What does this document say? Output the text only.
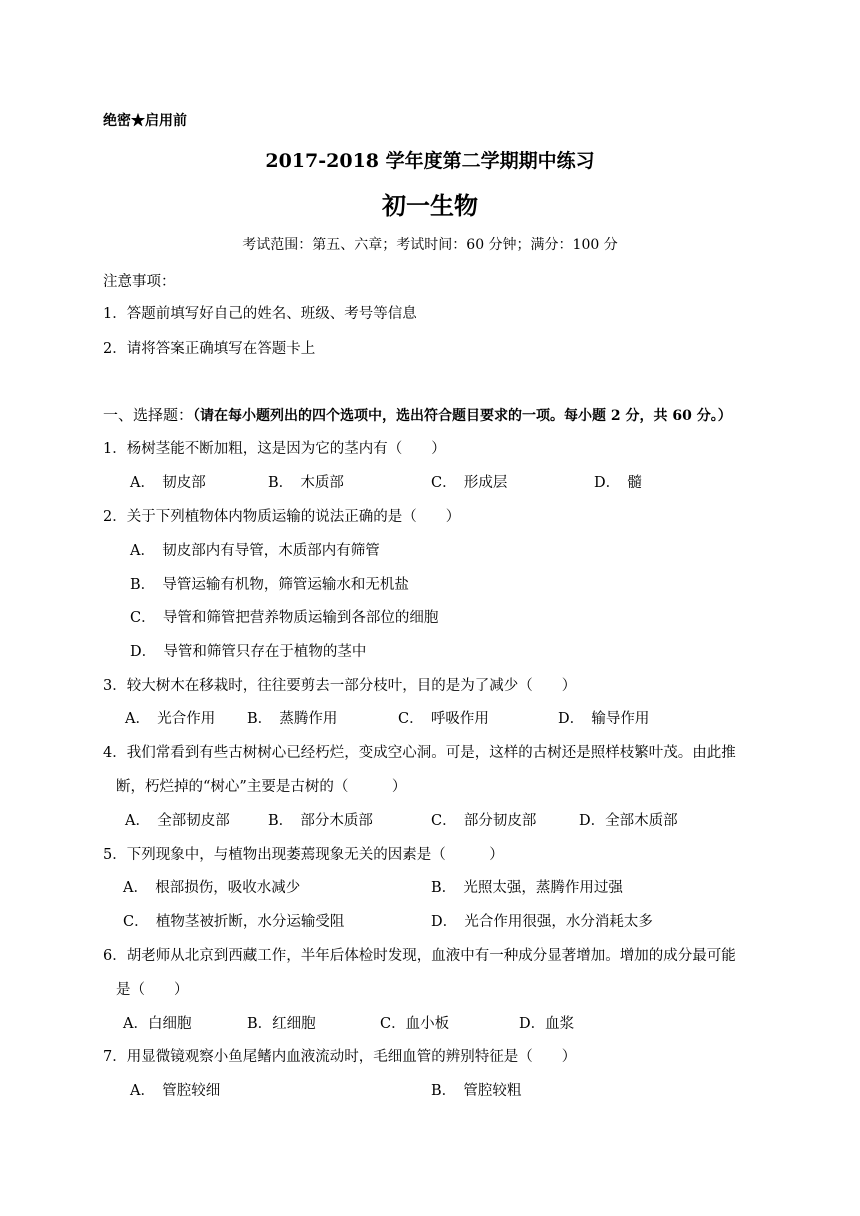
绝密★启用前
2017-2018 学年度第二学期期中练习
初一生物
考试范围：第五、六章；考试时间：60 分钟；满分：100 分
注意事项：
1．答题前填写好自己的姓名、班级、考号等信息
2．请将答案正确填写在答题卡上
一、选择题：（请在每小题列出的四个选项中，选出符合题目要求的一项。每小题 2 分，共 60 分。）
1．杨树茎能不断加粗，这是因为它的茎内有（　　）
A．　韧皮部	B．　木质部	C．　形成层	D．　髓
2．关于下列植物体内物质运输的说法正确的是（　　）
A．　韧皮部内有导管，木质部内有筛管
B．　导管运输有机物，筛管运输水和无机盐
C．　导管和筛管把营养物质运输到各部位的细胞
D．　导管和筛管只存在于植物的茎中
3．较大树木在移栽时，往往要剪去一部分枝叶，目的是为了减少（　　）
A．　光合作用 B．　蒸腾作用	C．　呼吸作用	D．　输导作用
4．我们常看到有些古树树心已经朽烂，变成空心洞。可是，这样的古树还是照样枝繁叶茂。由此推
断，朽烂掉的“树心”主要是古树的（　　　）
A．　全部韧皮部	B．　部分木质部	C．　部分韧皮部	D．全部木质部
5．下列现象中，与植物出现萎蔫现象无关的因素是（　　　）
A．　根部损伤，吸收水减少	B．　光照太强，蒸腾作用过强
C．　植物茎被折断，水分运输受阻	D．　光合作用很强，水分消耗太多
6．胡老师从北京到西藏工作，半年后体检时发现，血液中有一种成分显著增加。增加的成分最可能
是（　　）
A．白细胞	B．红细胞	C．血小板	D．血浆
7．用显微镜观察小鱼尾鳍内血液流动时，毛细血管的辨别特征是（　　）
A．　管腔较细	B．　管腔较粗
